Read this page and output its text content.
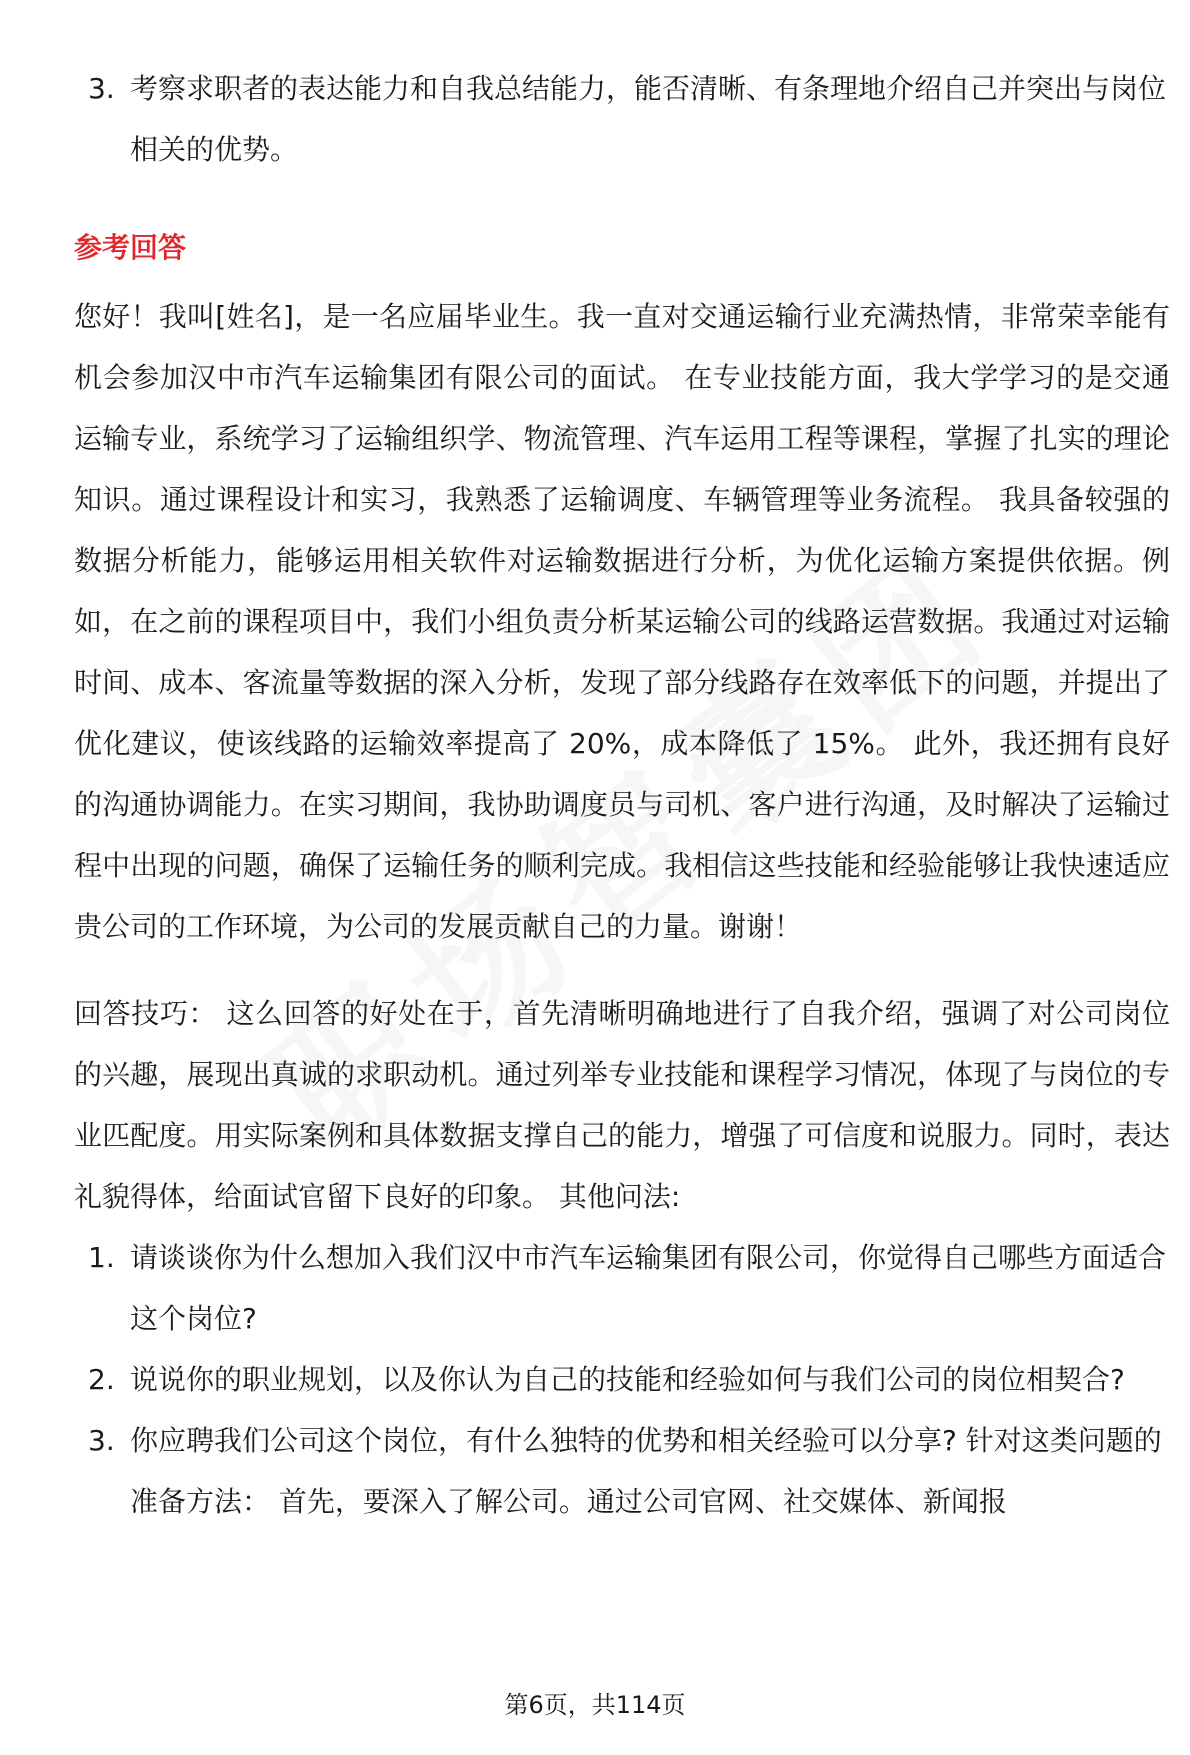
3. 考察求职者的表达能力和自我总结能力，能否清晰、有条理地介绍自己并突出与岗位相关的优势。
参考回答

您好！我叫[姓名]，是一名应届毕业生。我一直对交通运输行业充满热情，非常荣幸能有机会参加汉中市汽车运输集团有限公司的面试。 在专业技能方面，我大学学习的是交通运输专业，系统学习了运输组织学、物流管理、汽车运用工程等课程，掌握了扎实的理论知识。通过课程设计和实习，我熟悉了运输调度、车辆管理等业务流程。 我具备较强的数据分析能力，能够运用相关软件对运输数据进行分析，为优化运输方案提供依据。例如，在之前的课程项目中，我们小组负责分析某运输公司的线路运营数据。我通过对运输时间、成本、客流量等数据的深入分析，发现了部分线路存在效率低下的问题，并提出了优化建议，使该线路的运输效率提高了 20%，成本降低了 15%。 此外，我还拥有良好的沟通协调能力。在实习期间，我协助调度员与司机、客户进行沟通，及时解决了运输过程中出现的问题，确保了运输任务的顺利完成。我相信这些技能和经验能够让我快速适应贵公司的工作环境，为公司的发展贡献自己的力量。谢谢！

回答技巧： 这么回答的好处在于，首先清晰明确地进行了自我介绍，强调了对公司岗位的兴趣，展现出真诚的求职动机。通过列举专业技能和课程学习情况，体现了与岗位的专业匹配度。用实际案例和具体数据支撑自己的能力，增强了可信度和说服力。同时，表达礼貌得体，给面试官留下良好的印象。 其他问法:

1. 请谈谈你为什么想加入我们汉中市汽车运输集团有限公司，你觉得自己哪些方面适合这个岗位?
2. 说说你的职业规划，以及你认为自己的技能和经验如何与我们公司的岗位相契合?
3. 你应聘我们公司这个岗位，有什么独特的优势和相关经验可以分享? 针对这类问题的准备方法： 首先，要深入了解公司。通过公司官网、社交媒体、新闻报
第6页，共114页
